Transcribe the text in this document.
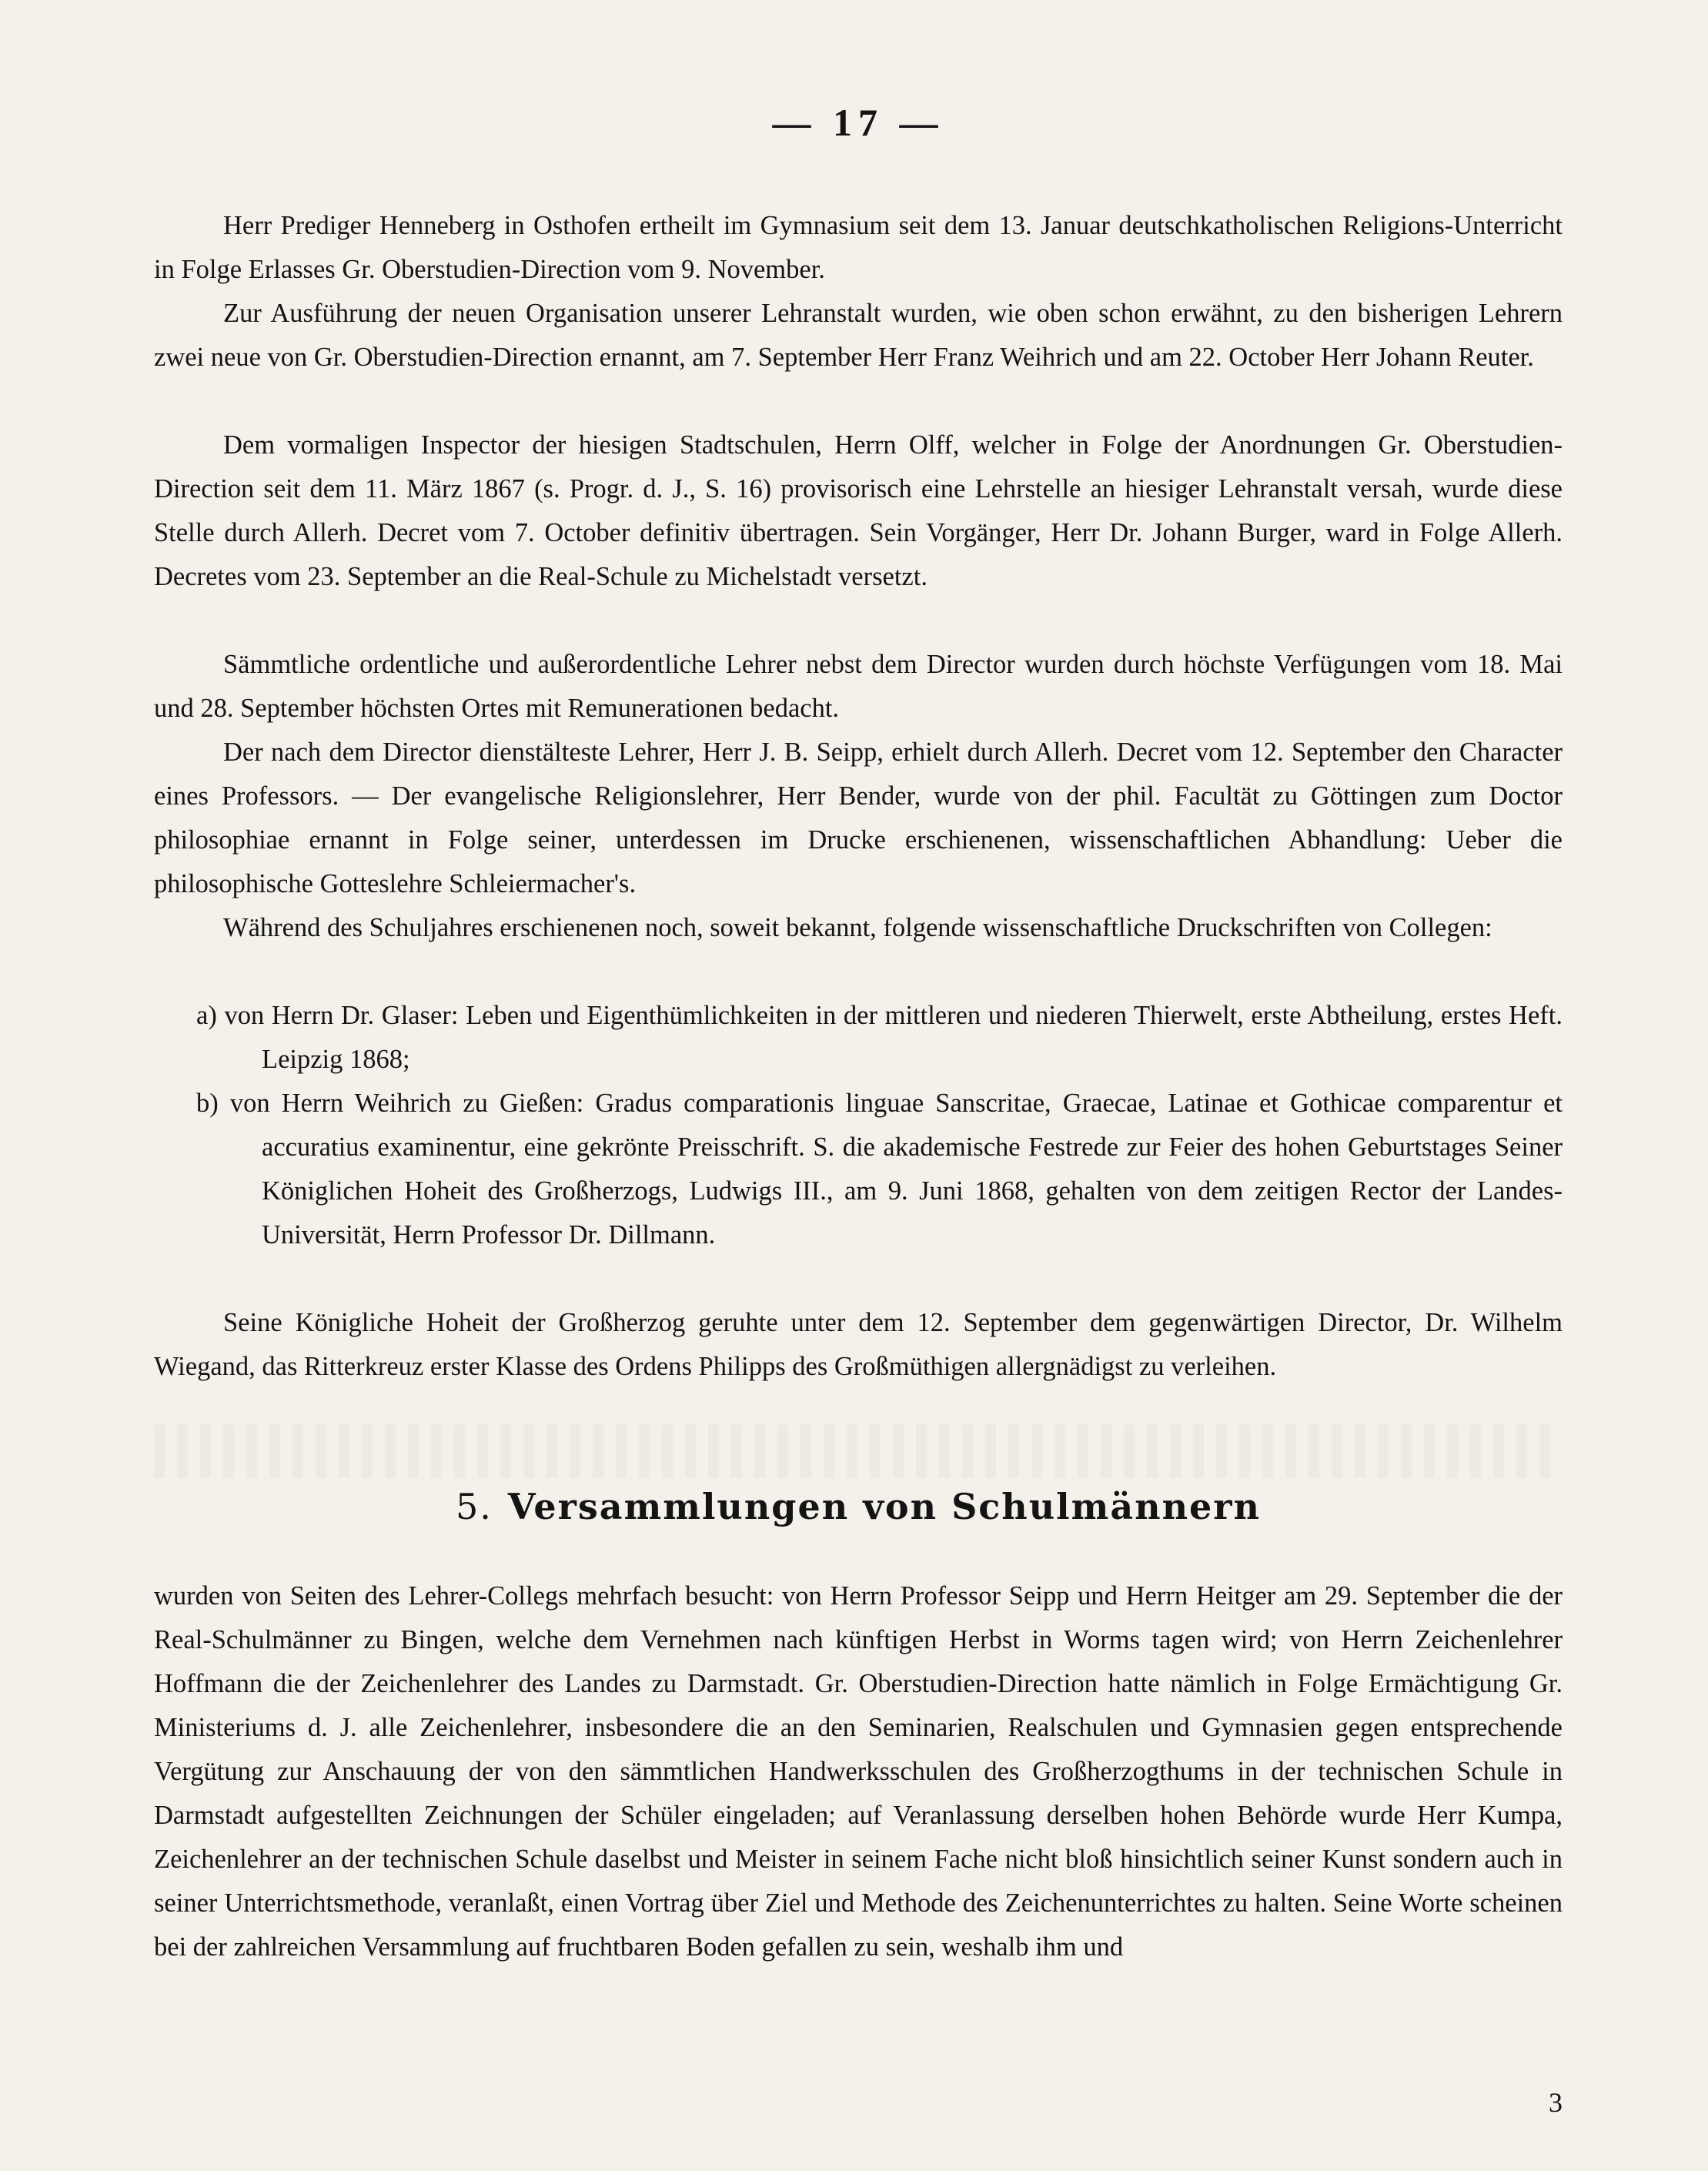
— 17 —

Herr Prediger Henneberg in Osthofen ertheilt im Gymnasium seit dem 13. Januar deutschkatholischen Religions-Unterricht in Folge Erlasses Gr. Oberstudien-Direction vom 9. November.

Zur Ausführung der neuen Organisation unserer Lehranstalt wurden, wie oben schon erwähnt, zu den bisherigen Lehrern zwei neue von Gr. Oberstudien-Direction ernannt, am 7. September Herr Franz Weihrich und am 22. October Herr Johann Reuter.

Dem vormaligen Inspector der hiesigen Stadtschulen, Herrn Olff, welcher in Folge der Anordnungen Gr. Oberstudien-Direction seit dem 11. März 1867 (s. Progr. d. J., S. 16) provisorisch eine Lehrstelle an hiesiger Lehranstalt versah, wurde diese Stelle durch Allerh. Decret vom 7. October definitiv übertragen. Sein Vorgänger, Herr Dr. Johann Burger, ward in Folge Allerh. Decretes vom 23. September an die Real-Schule zu Michelstadt versetzt.

Sämmtliche ordentliche und außerordentliche Lehrer nebst dem Director wurden durch höchste Verfügungen vom 18. Mai und 28. September höchsten Ortes mit Remunerationen bedacht.

Der nach dem Director dienstälteste Lehrer, Herr J. B. Seipp, erhielt durch Allerh. Decret vom 12. September den Character eines Professors. — Der evangelische Religionslehrer, Herr Bender, wurde von der phil. Facultät zu Göttingen zum Doctor philosophiae ernannt in Folge seiner, unterdessen im Drucke erschienenen, wissenschaftlichen Abhandlung: Ueber die philosophische Gotteslehre Schleiermacher's.

Während des Schuljahres erschienenen noch, soweit bekannt, folgende wissenschaftliche Druckschriften von Collegen:

a) von Herrn Dr. Glaser: Leben und Eigenthümlichkeiten in der mittleren und niederen Thierwelt, erste Abtheilung, erstes Heft. Leipzig 1868;

b) von Herrn Weihrich zu Gießen: Gradus comparationis linguae Sanscritae, Graecae, Latinae et Gothicae comparentur et accuratius examinentur, eine gekrönte Preisschrift. S. die akademische Festrede zur Feier des hohen Geburtstages Seiner Königlichen Hoheit des Großherzogs, Ludwigs III., am 9. Juni 1868, gehalten von dem zeitigen Rector der Landes-Universität, Herrn Professor Dr. Dillmann.

Seine Königliche Hoheit der Großherzog geruhte unter dem 12. September dem gegenwärtigen Director, Dr. Wilhelm Wiegand, das Ritterkreuz erster Klasse des Ordens Philipps des Großmüthigen allergnädigst zu verleihen.

5. Versammlungen von Schulmännern

wurden von Seiten des Lehrer-Collegs mehrfach besucht: von Herrn Professor Seipp und Herrn Heitger am 29. September die der Real-Schulmänner zu Bingen, welche dem Vernehmen nach künftigen Herbst in Worms tagen wird; von Herrn Zeichenlehrer Hoffmann die der Zeichenlehrer des Landes zu Darmstadt. Gr. Oberstudien-Direction hatte nämlich in Folge Ermächtigung Gr. Ministeriums d. J. alle Zeichenlehrer, insbesondere die an den Seminarien, Realschulen und Gymnasien gegen entsprechende Vergütung zur Anschauung der von den sämmtlichen Handwerksschulen des Großherzogthums in der technischen Schule in Darmstadt aufgestellten Zeichnungen der Schüler eingeladen; auf Veranlassung derselben hohen Behörde wurde Herr Kumpa, Zeichenlehrer an der technischen Schule daselbst und Meister in seinem Fache nicht bloß hinsichtlich seiner Kunst sondern auch in seiner Unterrichtsmethode, veranlaßt, einen Vortrag über Ziel und Methode des Zeichenunterrichtes zu halten. Seine Worte scheinen bei der zahlreichen Versammlung auf fruchtbaren Boden gefallen zu sein, weshalb ihm und

3
